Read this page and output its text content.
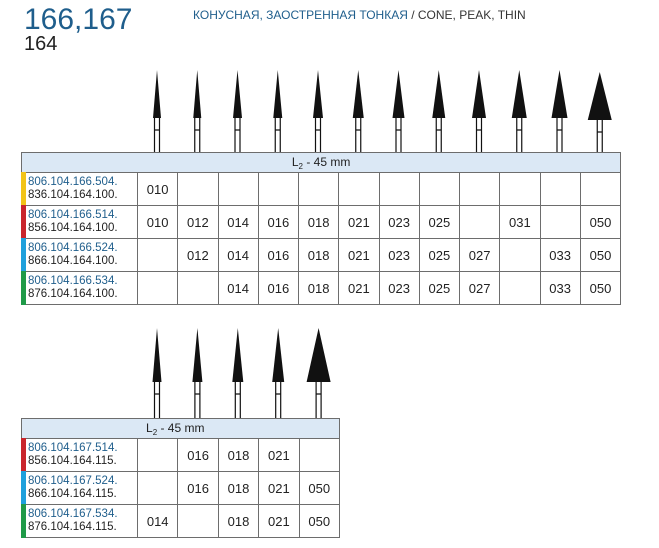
166,167
164
КОНУСНАЯ, ЗАОСТРЕННАЯ ТОНКАЯ / CONE, PEAK, THIN
$L_2 - 45$ mm												

806.104.166.504.
836.104.164.100.	010											

806.104.166.514.
856.104.164.100.	010	012	014	016	018	021	023	025		031		050

806.104.166.524.
866.104.164.100.		012	014	016	018	021	023	025	027		033	050

806.104.166.534.
876.104.164.100.			014	016	018	021	023	025	027		033	050
$L_2 - 45$ mm					

806.104.167.514.
856.104.164.115.		016	018	021	

806.104.167.524.
866.104.164.115.		016	018	021	050

806.104.167.534.
876.104.164.115.	014		018	021	050
